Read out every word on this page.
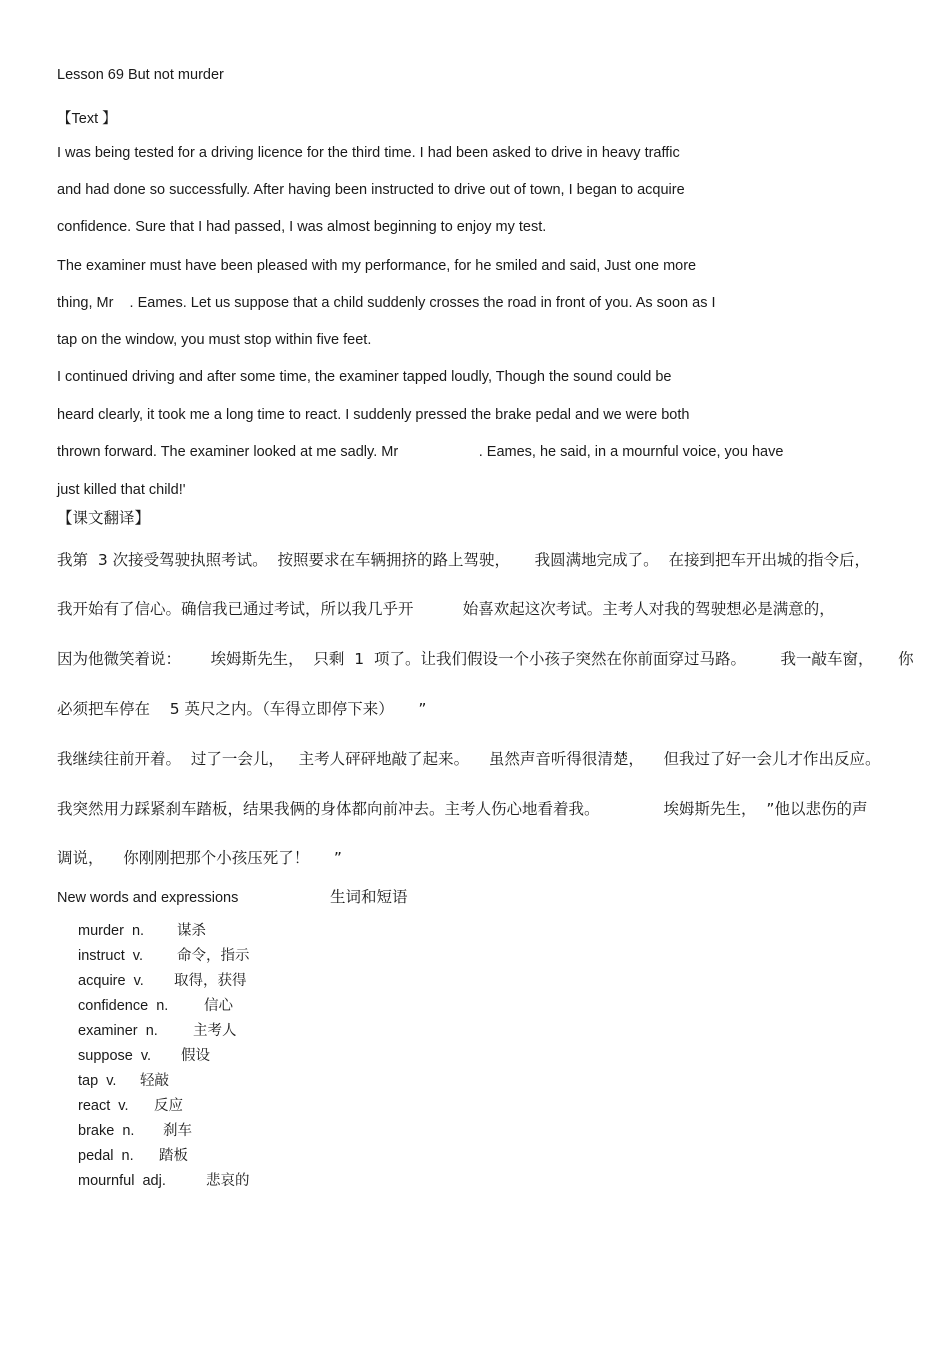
Lesson 69 But not murder
【Text 】
I was being tested for a driving licence for the third time. I had been asked to drive in heavy traffic
and had done so successfully. After having been instructed to drive out of town, I began to acquire
confidence. Sure that I had passed, I was almost beginning to enjoy my test.
The examiner must have been pleased with my performance, for he smiled and said, Just one more
thing, Mr    . Eames. Let us suppose that a child suddenly crosses the road in front of you. As soon as I
tap on the window, you must stop within five feet.
I continued driving and after some time, the examiner tapped loudly, Though the sound could be
heard clearly, it took me a long time to react. I suddenly pressed the brake pedal and we were both
thrown forward. The examiner looked at me sadly. Mr                    . Eames, he said, in a mournful voice, you have
just killed that child!'
【课文翻译】
我第  3 次接受驾驶执照考试。  按照要求在车辆拥挤的路上驾驶，     我圆满地完成了。  在接到把车开出城的指令后，
我开始有了信心。确信我已通过考试，所以我几乎开          始喜欢起这次考试。主考人对我的驾驶想必是满意的，
因为他微笑着说：      埃姆斯先生，  只剩  1  项了。让我们假设一个小孩子突然在你前面穿过马路。       我一敲车窗，     你
必须把车停在    5 英尺之内。（车得立即停下来）     ”
我继续往前开着。  过了一会儿，   主考人砰砰地敲了起来。    虽然声音听得很清楚，    但我过了好一会儿才作出反应。
我突然用力踩紧刹车踏板，结果我俩的身体都向前冲去。主考人伤心地看着我。             埃姆斯先生，  ”他以悲伤的声
调说，    你刚刚把那个小孩压死了！     ”
New words and expressions	生词和短语
murder  n. 谋杀
instruct  v. 命令，指示
acquire  v. 取得，获得
confidence  n. 信心
examiner  n. 主考人
suppose  v. 假设
tap  v. 轻敲
react  v. 反应
brake  n. 刹车
pedal  n. 踏板
mournful  adj.	悲哀的
